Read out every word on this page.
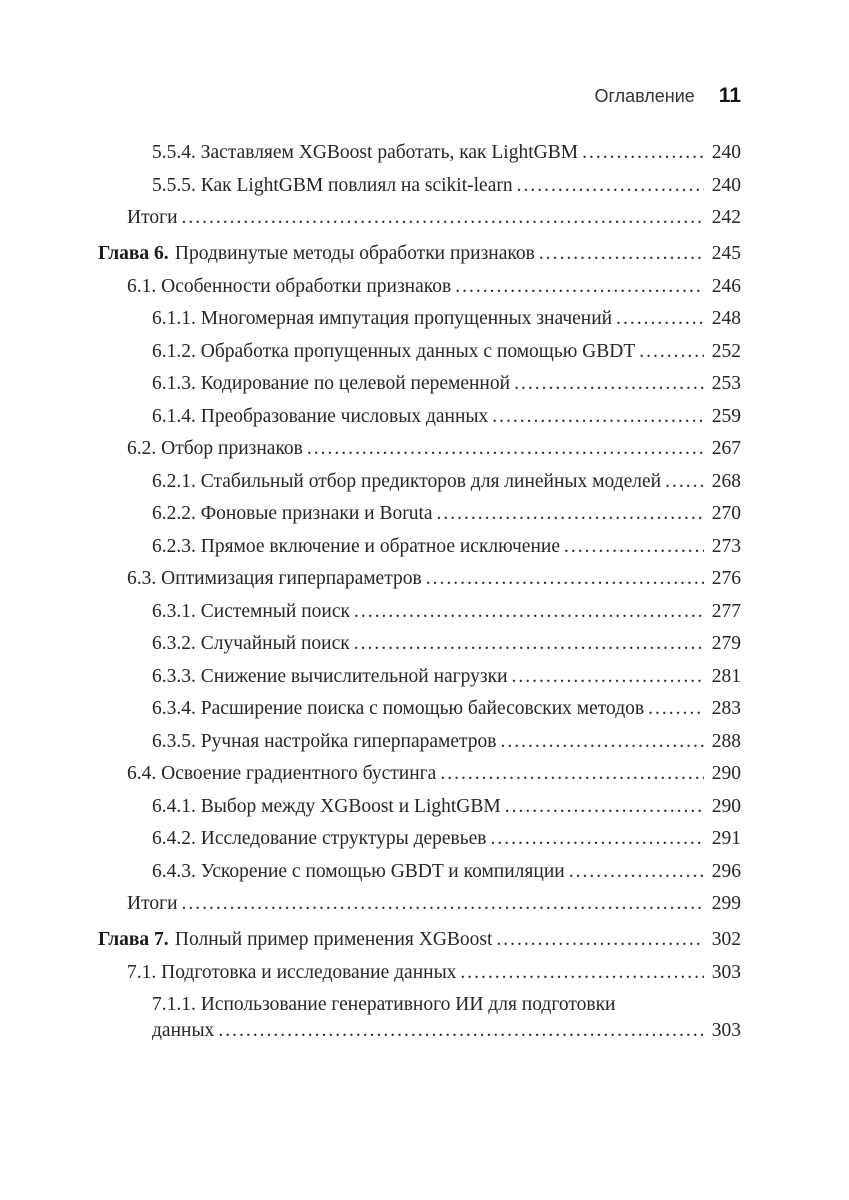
Оглавление 11
5.5.4. Заставляем XGBoost работать, как LightGBM .....	240
5.5.5. Как LightGBM повлиял на scikit-learn .....	240
Итоги .....	242
Глава 6. Продвинутые методы обработки признаков .....	245
6.1. Особенности обработки признаков .....	246
6.1.1. Многомерная импутация пропущенных значений .....	248
6.1.2. Обработка пропущенных данных с помощью GBDT .....	252
6.1.3. Кодирование по целевой переменной .....	253
6.1.4. Преобразование числовых данных .....	259
6.2. Отбор признаков .....	267
6.2.1. Стабильный отбор предикторов для линейных моделей .....	268
6.2.2. Фоновые признаки и Boruta .....	270
6.2.3. Прямое включение и обратное исключение .....	273
6.3. Оптимизация гиперпараметров .....	276
6.3.1. Системный поиск .....	277
6.3.2. Случайный поиск .....	279
6.3.3. Снижение вычислительной нагрузки .....	281
6.3.4. Расширение поиска с помощью байесовских методов .....	283
6.3.5. Ручная настройка гиперпараметров .....	288
6.4. Освоение градиентного бустинга .....	290
6.4.1. Выбор между XGBoost и LightGBM .....	290
6.4.2. Исследование структуры деревьев .....	291
6.4.3. Ускорение с помощью GBDT и компиляции .....	296
Итоги .....	299
Глава 7. Полный пример применения XGBoost .....	302
7.1. Подготовка и исследование данных .....	303
7.1.1. Использование генеративного ИИ для подготовки
данных .....	303
